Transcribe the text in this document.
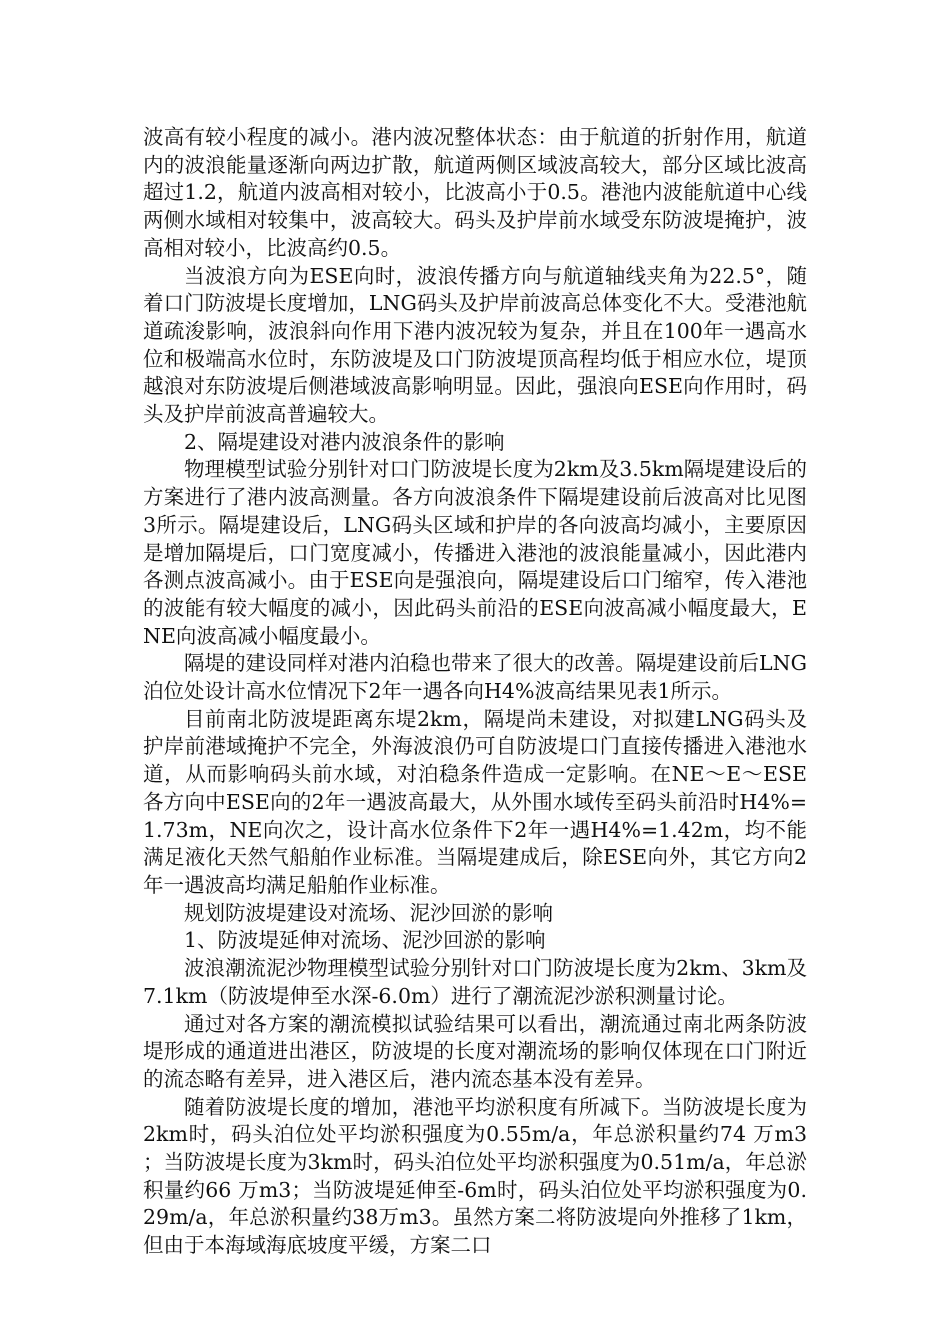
波高有较小程度的减小。港内波况整体状态：由于航道的折射作用，航道内的波浪能量逐渐向两边扩散，航道两侧区域波高较大，部分区域比波高超过1.2，航道内波高相对较小，比波高小于0.5。港池内波能航道中心线两侧水域相对较集中，波高较大。码头及护岸前水域受东防波堤掩护，波高相对较小，比波高约0.5。

当波浪方向为ESE向时，波浪传播方向与航道轴线夹角为22.5°，随着口门防波堤长度增加，LNG码头及护岸前波高总体变化不大。受港池航道疏浚影响，波浪斜向作用下港内波况较为复杂，并且在100年一遇高水位和极端高水位时，东防波堤及口门防波堤顶高程均低于相应水位，堤顶越浪对东防波堤后侧港域波高影响明显。因此，强浪向ESE向作用时，码头及护岸前波高普遍较大。

2、隔堤建设对港内波浪条件的影响

物理模型试验分别针对口门防波堤长度为2km及3.5km隔堤建设后的方案进行了港内波高测量。各方向波浪条件下隔堤建设前后波高对比见图3所示。隔堤建设后，LNG码头区域和护岸的各向波高均减小，主要原因是增加隔堤后，口门宽度减小，传播进入港池的波浪能量减小，因此港内各测点波高减小。由于ESE向是强浪向，隔堤建设后口门缩窄，传入港池的波能有较大幅度的减小，因此码头前沿的ESE向波高减小幅度最大，ENE向波高减小幅度最小。

隔堤的建设同样对港内泊稳也带来了很大的改善。隔堤建设前后LNG泊位处设计高水位情况下2年一遇各向H4%波高结果见表1所示。

目前南北防波堤距离东堤2km，隔堤尚未建设，对拟建LNG码头及护岸前港域掩护不完全，外海波浪仍可自防波堤口门直接传播进入港池水道，从而影响码头前水域，对泊稳条件造成一定影响。在NE～E～ESE各方向中ESE向的2年一遇波高最大，从外围水域传至码头前沿时H4%=1.73m，NE向次之，设计高水位条件下2年一遇H4%=1.42m，均不能满足液化天然气船舶作业标准。当隔堤建成后，除ESE向外，其它方向2年一遇波高均满足船舶作业标准。

规划防波堤建设对流场、泥沙回淤的影响

1、防波堤延伸对流场、泥沙回淤的影响

波浪潮流泥沙物理模型试验分别针对口门防波堤长度为2km、3km及7.1km（防波堤伸至水深-6.0m）进行了潮流泥沙淤积测量讨论。

通过对各方案的潮流模拟试验结果可以看出，潮流通过南北两条防波堤形成的通道进出港区，防波堤的长度对潮流场的影响仅体现在口门附近的流态略有差异，进入港区后，港内流态基本没有差异。

随着防波堤长度的增加，港池平均淤积度有所减下。当防波堤长度为2km时，码头泊位处平均淤积强度为0.55m/a，年总淤积量约74 万m3；当防波堤长度为3km时，码头泊位处平均淤积强度为0.51m/a，年总淤积量约66 万m3；当防波堤延伸至-6m时，码头泊位处平均淤积强度为0.29m/a，年总淤积量约38万m3。虽然方案二将防波堤向外推移了1km，但由于本海域海底坡度平缓，方案二口
